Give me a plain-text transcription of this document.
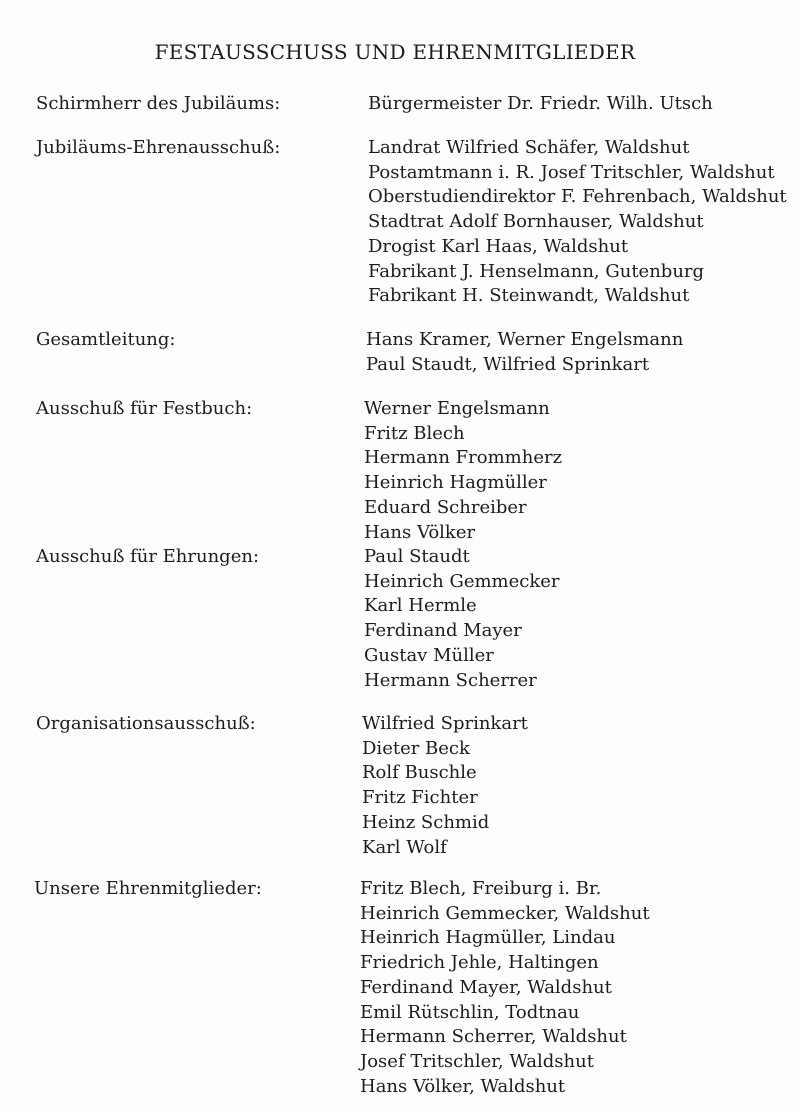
FESTAUSSCHUSS UND EHRENMITGLIEDER
Schirmherr des Jubiläums:	Bürgermeister Dr. Friedr. Wilh. Utsch
Jubiläums-Ehrenausschuß:	Landrat Wilfried Schäfer, Waldshut
Postamtmann i. R. Josef Tritschler, Waldshut
Oberstudiendirektor F. Fehrenbach, Waldshut
Stadtrat Adolf Bornhauser, Waldshut
Drogist Karl Haas, Waldshut
Fabrikant J. Henselmann, Gutenburg
Fabrikant H. Steinwandt, Waldshut
Gesamtleitung:	Hans Kramer, Werner Engelsmann
Paul Staudt, Wilfried Sprinkart
Ausschuß für Festbuch:	Werner Engelsmann
Fritz Blech
Hermann Frommherz
Heinrich Hagmüller
Eduard Schreiber
Hans Völker
Ausschuß für Ehrungen:	Paul Staudt
Heinrich Gemmecker
Karl Hermle
Ferdinand Mayer
Gustav Müller
Hermann Scherrer
Organisationsausschuß:	Wilfried Sprinkart
Dieter Beck
Rolf Buschle
Fritz Fichter
Heinz Schmid
Karl Wolf
Unsere Ehrenmitglieder:	Fritz Blech, Freiburg i. Br.
Heinrich Gemmecker, Waldshut
Heinrich Hagmüller, Lindau
Friedrich Jehle, Haltingen
Ferdinand Mayer, Waldshut
Emil Rütschlin, Todtnau
Hermann Scherrer, Waldshut
Josef Tritschler, Waldshut
Hans Völker, Waldshut
